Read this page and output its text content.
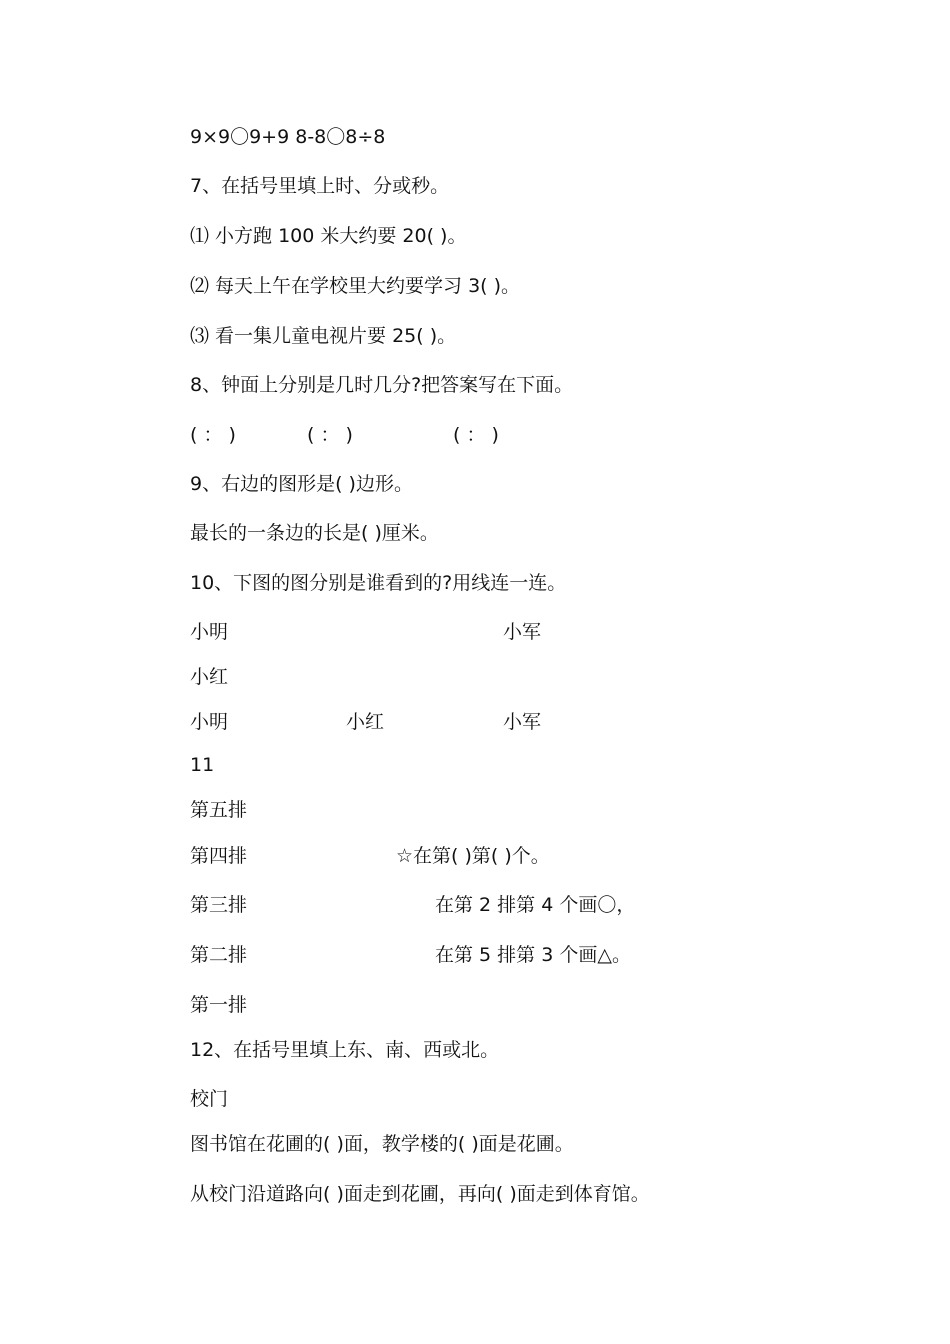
9×9〇9+9 8-8〇8÷8
7、在括号里填上时、分或秒。
⑴ 小方跑 100 米大约要 20( )。
⑵ 每天上午在学校里大约要学习 3( )。
⑶ 看一集儿童电视片要 25( )。
8、钟面上分别是几时几分?把答案写在下面。
( ： )	( ： )	( ： )
9、右边的图形是( )边形。
最长的一条边的长是( )厘米。
10、下图的图分别是谁看到的?用线连一连。
小明	小军
小红
小明	小红	小军
11
第五排
第四排	☆在第( )第( )个。
第三排	在第 2 排第 4 个画〇，
第二排	在第 5 排第 3 个画△。
第一排
12、在括号里填上东、南、西或北。
校门
图书馆在花圃的( )面，教学楼的( )面是花圃。
从校门沿道路向( )面走到花圃，再向( )面走到体育馆。
